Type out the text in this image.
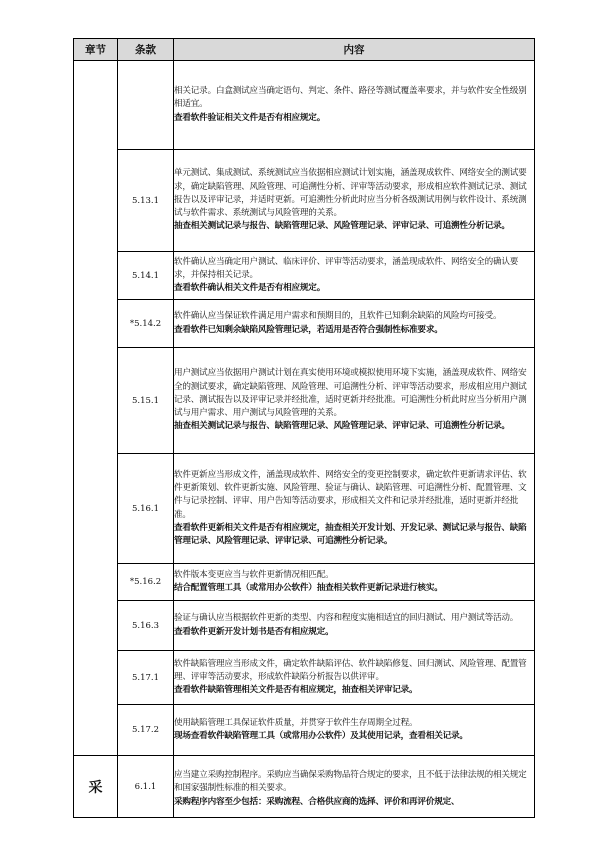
章节	条款	内容

		相关记录。白盒测试应当确定语句、判定、条件、路径等测试覆盖率要求，并与软件安全性级别相适宜。
查看软件验证相关文件是否有相应规定。

	5.13.1	单元测试、集成测试、系统测试应当依据相应测试计划实施，涵盖现成软件、网络安全的测试要求，确定缺陷管理、风险管理、可追溯性分析、评审等活动要求，形成相应软件测试记录、测试报告以及评审记录，并适时更新。可追溯性分析此时应当分析各级测试用例与软件设计、系统测试与软件需求、系统测试与风险管理的关系。
抽查相关测试记录与报告、缺陷管理记录、风险管理记录、评审记录、可追溯性分析记录。

	5.14.1	软件确认应当确定用户测试、临床评价、评审等活动要求，涵盖现成软件、网络安全的确认要求，并保持相关记录。
查看软件确认相关文件是否有相应规定。

	*5.14.2	软件确认应当保证软件满足用户需求和预期目的，且软件已知剩余缺陷的风险均可接受。
查看软件已知剩余缺陷风险管理记录，若适用是否符合强制性标准要求。

	5.15.1	用户测试应当依据用户测试计划在真实使用环境或模拟使用环境下实施，涵盖现成软件、网络安全的测试要求，确定缺陷管理、风险管理、可追溯性分析、评审等活动要求，形成相应用户测试记录、测试报告以及评审记录并经批准，适时更新并经批准。可追溯性分析此时应当分析用户测试与用户需求、用户测试与风险管理的关系。
抽查相关测试记录与报告、缺陷管理记录、风险管理记录、评审记录、可追溯性分析记录。

	5.16.1	软件更新应当形成文件，涵盖现成软件、网络安全的变更控制要求，确定软件更新请求评估、软件更新策划、软件更新实施、风险管理、验证与确认、缺陷管理、可追溯性分析、配置管理、文件与记录控制、评审、用户告知等活动要求，形成相关文件和记录并经批准，适时更新并经批准。
查看软件更新相关文件是否有相应规定，抽查相关开发计划、开发记录、测试记录与报告、缺陷管理记录、风险管理记录、评审记录、可追溯性分析记录。

	*5.16.2	软件版本变更应当与软件更新情况相匹配。
结合配置管理工具（或常用办公软件）抽查相关软件更新记录进行核实。

	5.16.3	验证与确认应当根据软件更新的类型、内容和程度实施相适宜的回归测试、用户测试等活动。
查看软件更新开发计划书是否有相应规定。

	5.17.1	软件缺陷管理应当形成文件，确定软件缺陷评估、软件缺陷修复、回归测试、风险管理、配置管理、评审等活动要求，形成软件缺陷分析报告以供评审。
查看软件缺陷管理相关文件是否有相应规定，抽查相关评审记录。

	5.17.2	使用缺陷管理工具保证软件质量，并贯穿于软件生存周期全过程。
现场查看软件缺陷管理工具（或常用办公软件）及其使用记录，查看相关记录。

采	6.1.1	应当建立采购控制程序。采购应当确保采购物品符合规定的要求，且不低于法律法规的相关规定和国家强制性标准的相关要求。
采购程序内容至少包括：采购流程、合格供应商的选择、评价和再评价规定、
